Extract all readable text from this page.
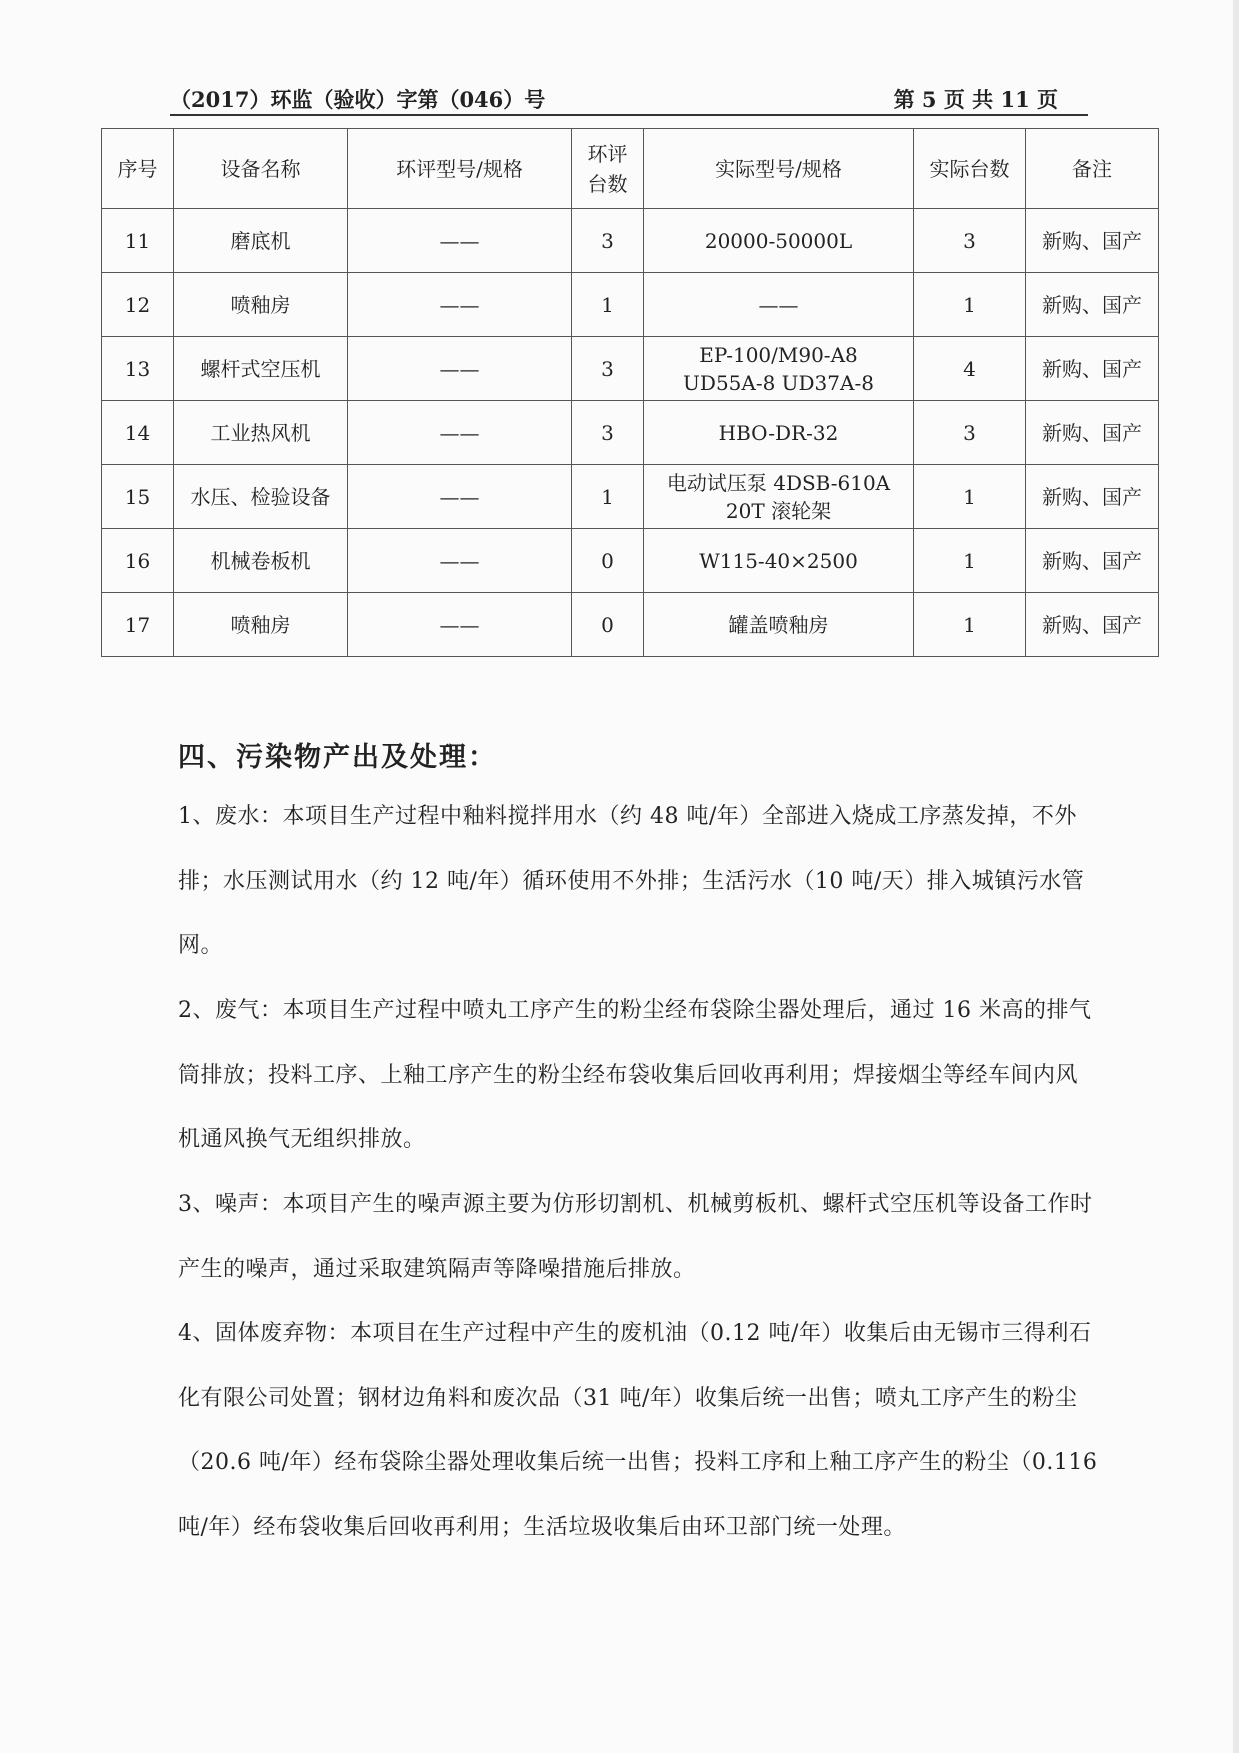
（2017）环监（验收）字第（046）号	第 5 页 共 11 页
序号	设备名称	环评型号/规格	环评台数	实际型号/规格	实际台数	备注
11	磨底机	——	3	20000-50000L	3	新购、国产
12	喷釉房	——	1	——	1	新购、国产
13	螺杆式空压机	——	3	EP-100/M90-A8
UD55A-8 UD37A-8	4	新购、国产
14	工业热风机	——	3	HBO-DR-32	3	新购、国产
15	水压、检验设备	——	1	电动试压泵 4DSB-610A
20T 滚轮架	1	新购、国产
16	机械卷板机	——	0	W115-40×2500	1	新购、国产
17	喷釉房	——	0	罐盖喷釉房	1	新购、国产
四、污染物产出及处理：

1、废水：本项目生产过程中釉料搅拌用水（约 48 吨/年）全部进入烧成工序蒸发掉，不外排；水压测试用水（约 12 吨/年）循环使用不外排；生活污水（10 吨/天）排入城镇污水管网。

2、废气：本项目生产过程中喷丸工序产生的粉尘经布袋除尘器处理后，通过 16 米高的排气筒排放；投料工序、上釉工序产生的粉尘经布袋收集后回收再利用；焊接烟尘等经车间内风机通风换气无组织排放。

3、噪声：本项目产生的噪声源主要为仿形切割机、机械剪板机、螺杆式空压机等设备工作时产生的噪声，通过采取建筑隔声等降噪措施后排放。

4、固体废弃物：本项目在生产过程中产生的废机油（0.12 吨/年）收集后由无锡市三得利石化有限公司处置；钢材边角料和废次品（31 吨/年）收集后统一出售；喷丸工序产生的粉尘（20.6 吨/年）经布袋除尘器处理收集后统一出售；投料工序和上釉工序产生的粉尘（0.116 吨/年）经布袋收集后回收再利用；生活垃圾收集后由环卫部门统一处理。
